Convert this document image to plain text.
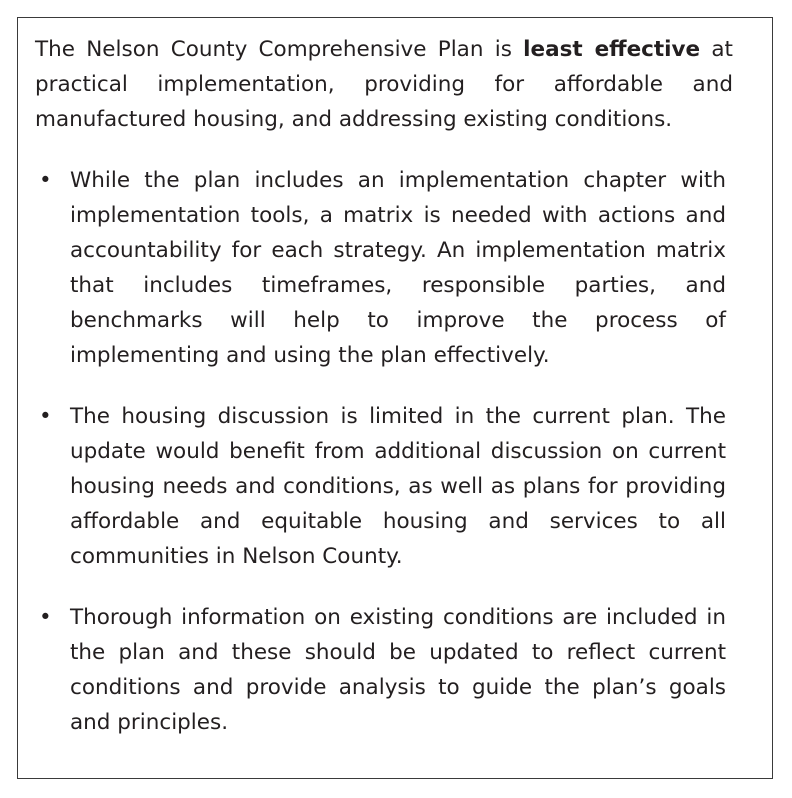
The Nelson County Comprehensive Plan is least effective at practical implementation, providing for affordable and manufactured housing, and addressing existing conditions.

• While the plan includes an implementation chapter with implementation tools, a matrix is needed with actions and accountability for each strategy. An implementation matrix that includes timeframes, responsible parties, and benchmarks will help to improve the process of implementing and using the plan effectively.
• The housing discussion is limited in the current plan. The update would benefit from additional discussion on current housing needs and conditions, as well as plans for providing affordable and equitable housing and services to all communities in Nelson County.
• Thorough information on existing conditions are included in the plan and these should be updated to reflect current conditions and provide analysis to guide the plan’s goals and principles.
